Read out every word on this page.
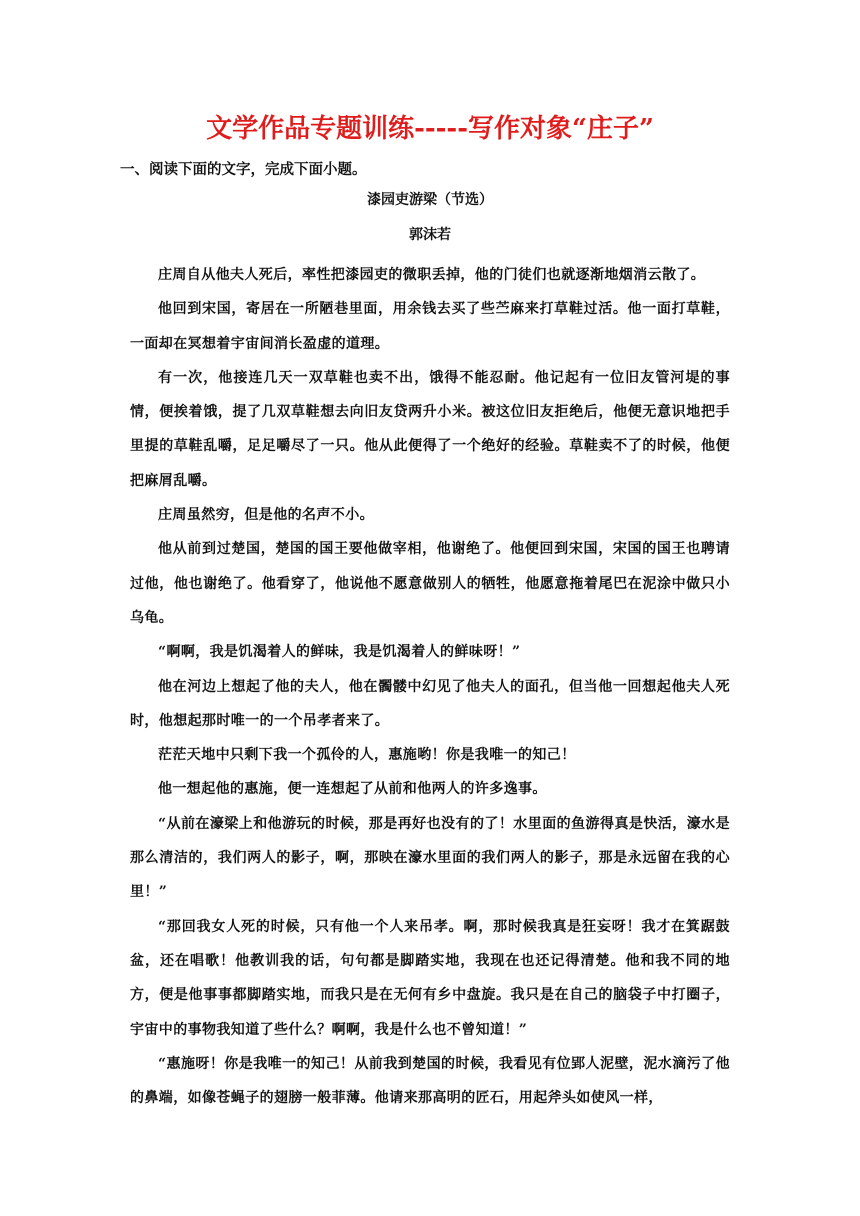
文学作品专题训练-----写作对象“庄子”

一、阅读下面的文字，完成下面小题。

漆园吏游梁（节选）

郭沫若

庄周自从他夫人死后，率性把漆园吏的微职丢掉，他的门徒们也就逐渐地烟消云散了。

他回到宋国，寄居在一所陋巷里面，用余钱去买了些苎麻来打草鞋过活。他一面打草鞋，一面却在冥想着宇宙间消长盈虚的道理。

有一次，他接连几天一双草鞋也卖不出，饿得不能忍耐。他记起有一位旧友管河堤的事情，便挨着饿，提了几双草鞋想去向旧友贷两升小米。被这位旧友拒绝后，他便无意识地把手里提的草鞋乱嚼，足足嚼尽了一只。他从此便得了一个绝好的经验。草鞋卖不了的时候，他便把麻屑乱嚼。

庄周虽然穷，但是他的名声不小。

他从前到过楚国，楚国的国王要他做宰相，他谢绝了。他便回到宋国，宋国的国王也聘请过他，他也谢绝了。他看穿了，他说他不愿意做别人的牺牲，他愿意拖着尾巴在泥涂中做只小乌龟。

“啊啊，我是饥渴着人的鲜味，我是饥渴着人的鲜味呀！”

他在河边上想起了他的夫人，他在髑髅中幻见了他夫人的面孔，但当他一回想起他夫人死时，他想起那时唯一的一个吊孝者来了。

茫茫天地中只剩下我一个孤伶的人，惠施哟！你是我唯一的知己！

他一想起他的惠施，便一连想起了从前和他两人的许多逸事。

“从前在濠梁上和他游玩的时候，那是再好也没有的了！水里面的鱼游得真是快活，濠水是那么清洁的，我们两人的影子，啊，那映在濠水里面的我们两人的影子，那是永远留在我的心里！”

“那回我女人死的时候，只有他一个人来吊孝。啊，那时候我真是狂妄呀！我才在箕踞鼓盆，还在唱歌！他教训我的话，句句都是脚踏实地，我现在也还记得清楚。他和我不同的地方，便是他事事都脚踏实地，而我只是在无何有乡中盘旋。我只是在自己的脑袋子中打圈子，宇宙中的事物我知道了些什么？啊啊，我是什么也不曾知道！”

“惠施呀！你是我唯一的知己！从前我到楚国的时候，我看见有位郢人泥壁，泥水滴污了他的鼻端，如像苍蝇子的翅膀一般菲薄。他请来那高明的匠石，用起斧头如使风一样，
